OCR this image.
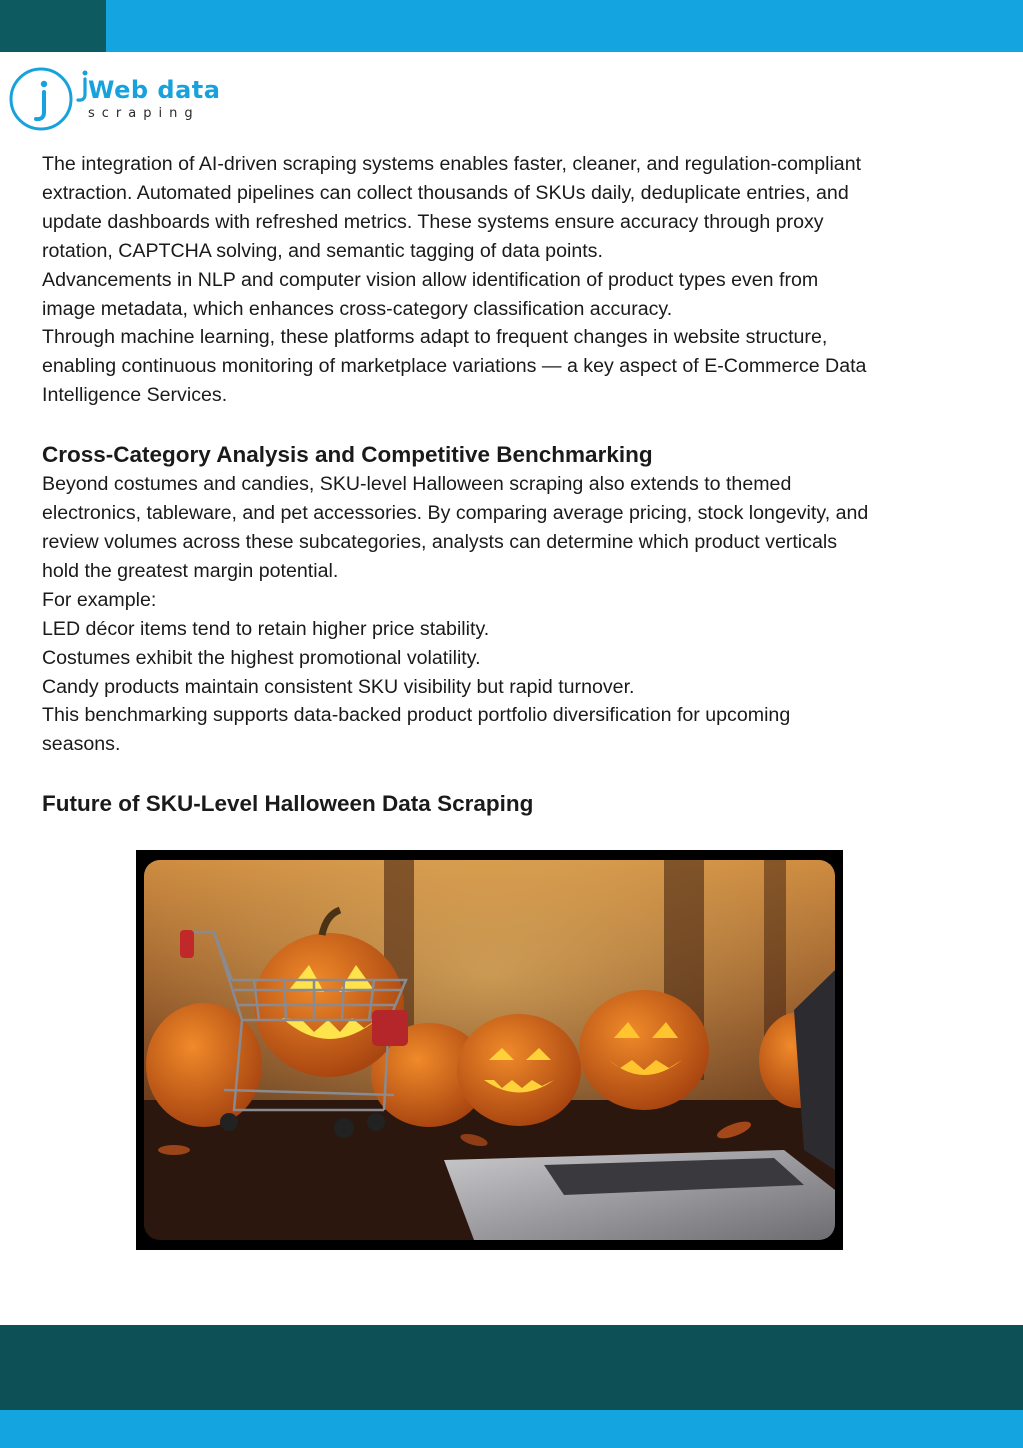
Web data
scraping

The integration of AI-driven scraping systems enables faster, cleaner, and regulation-compliant

extraction. Automated pipelines can collect thousands of SKUs daily, deduplicate entries, and

update dashboards with refreshed metrics. These systems ensure accuracy through proxy

rotation, CAPTCHA solving, and semantic tagging of data points.

Advancements in NLP and computer vision allow identification of product types even from

image metadata, which enhances cross-category classification accuracy.

Through machine learning, these platforms adapt to frequent changes in website structure,

enabling continuous monitoring of marketplace variations — a key aspect of E-Commerce Data

Intelligence Services.

Cross-Category Analysis and Competitive Benchmarking

Beyond costumes and candies, SKU-level Halloween scraping also extends to themed

electronics, tableware, and pet accessories. By comparing average pricing, stock longevity, and

review volumes across these subcategories, analysts can determine which product verticals

hold the greatest margin potential.

For example:

LED décor items tend to retain higher price stability.

Costumes exhibit the highest promotional volatility.

Candy products maintain consistent SKU visibility but rapid turnover.

This benchmarking supports data-backed product portfolio diversification for upcoming

seasons.

Future of SKU-Level Halloween Data Scraping
